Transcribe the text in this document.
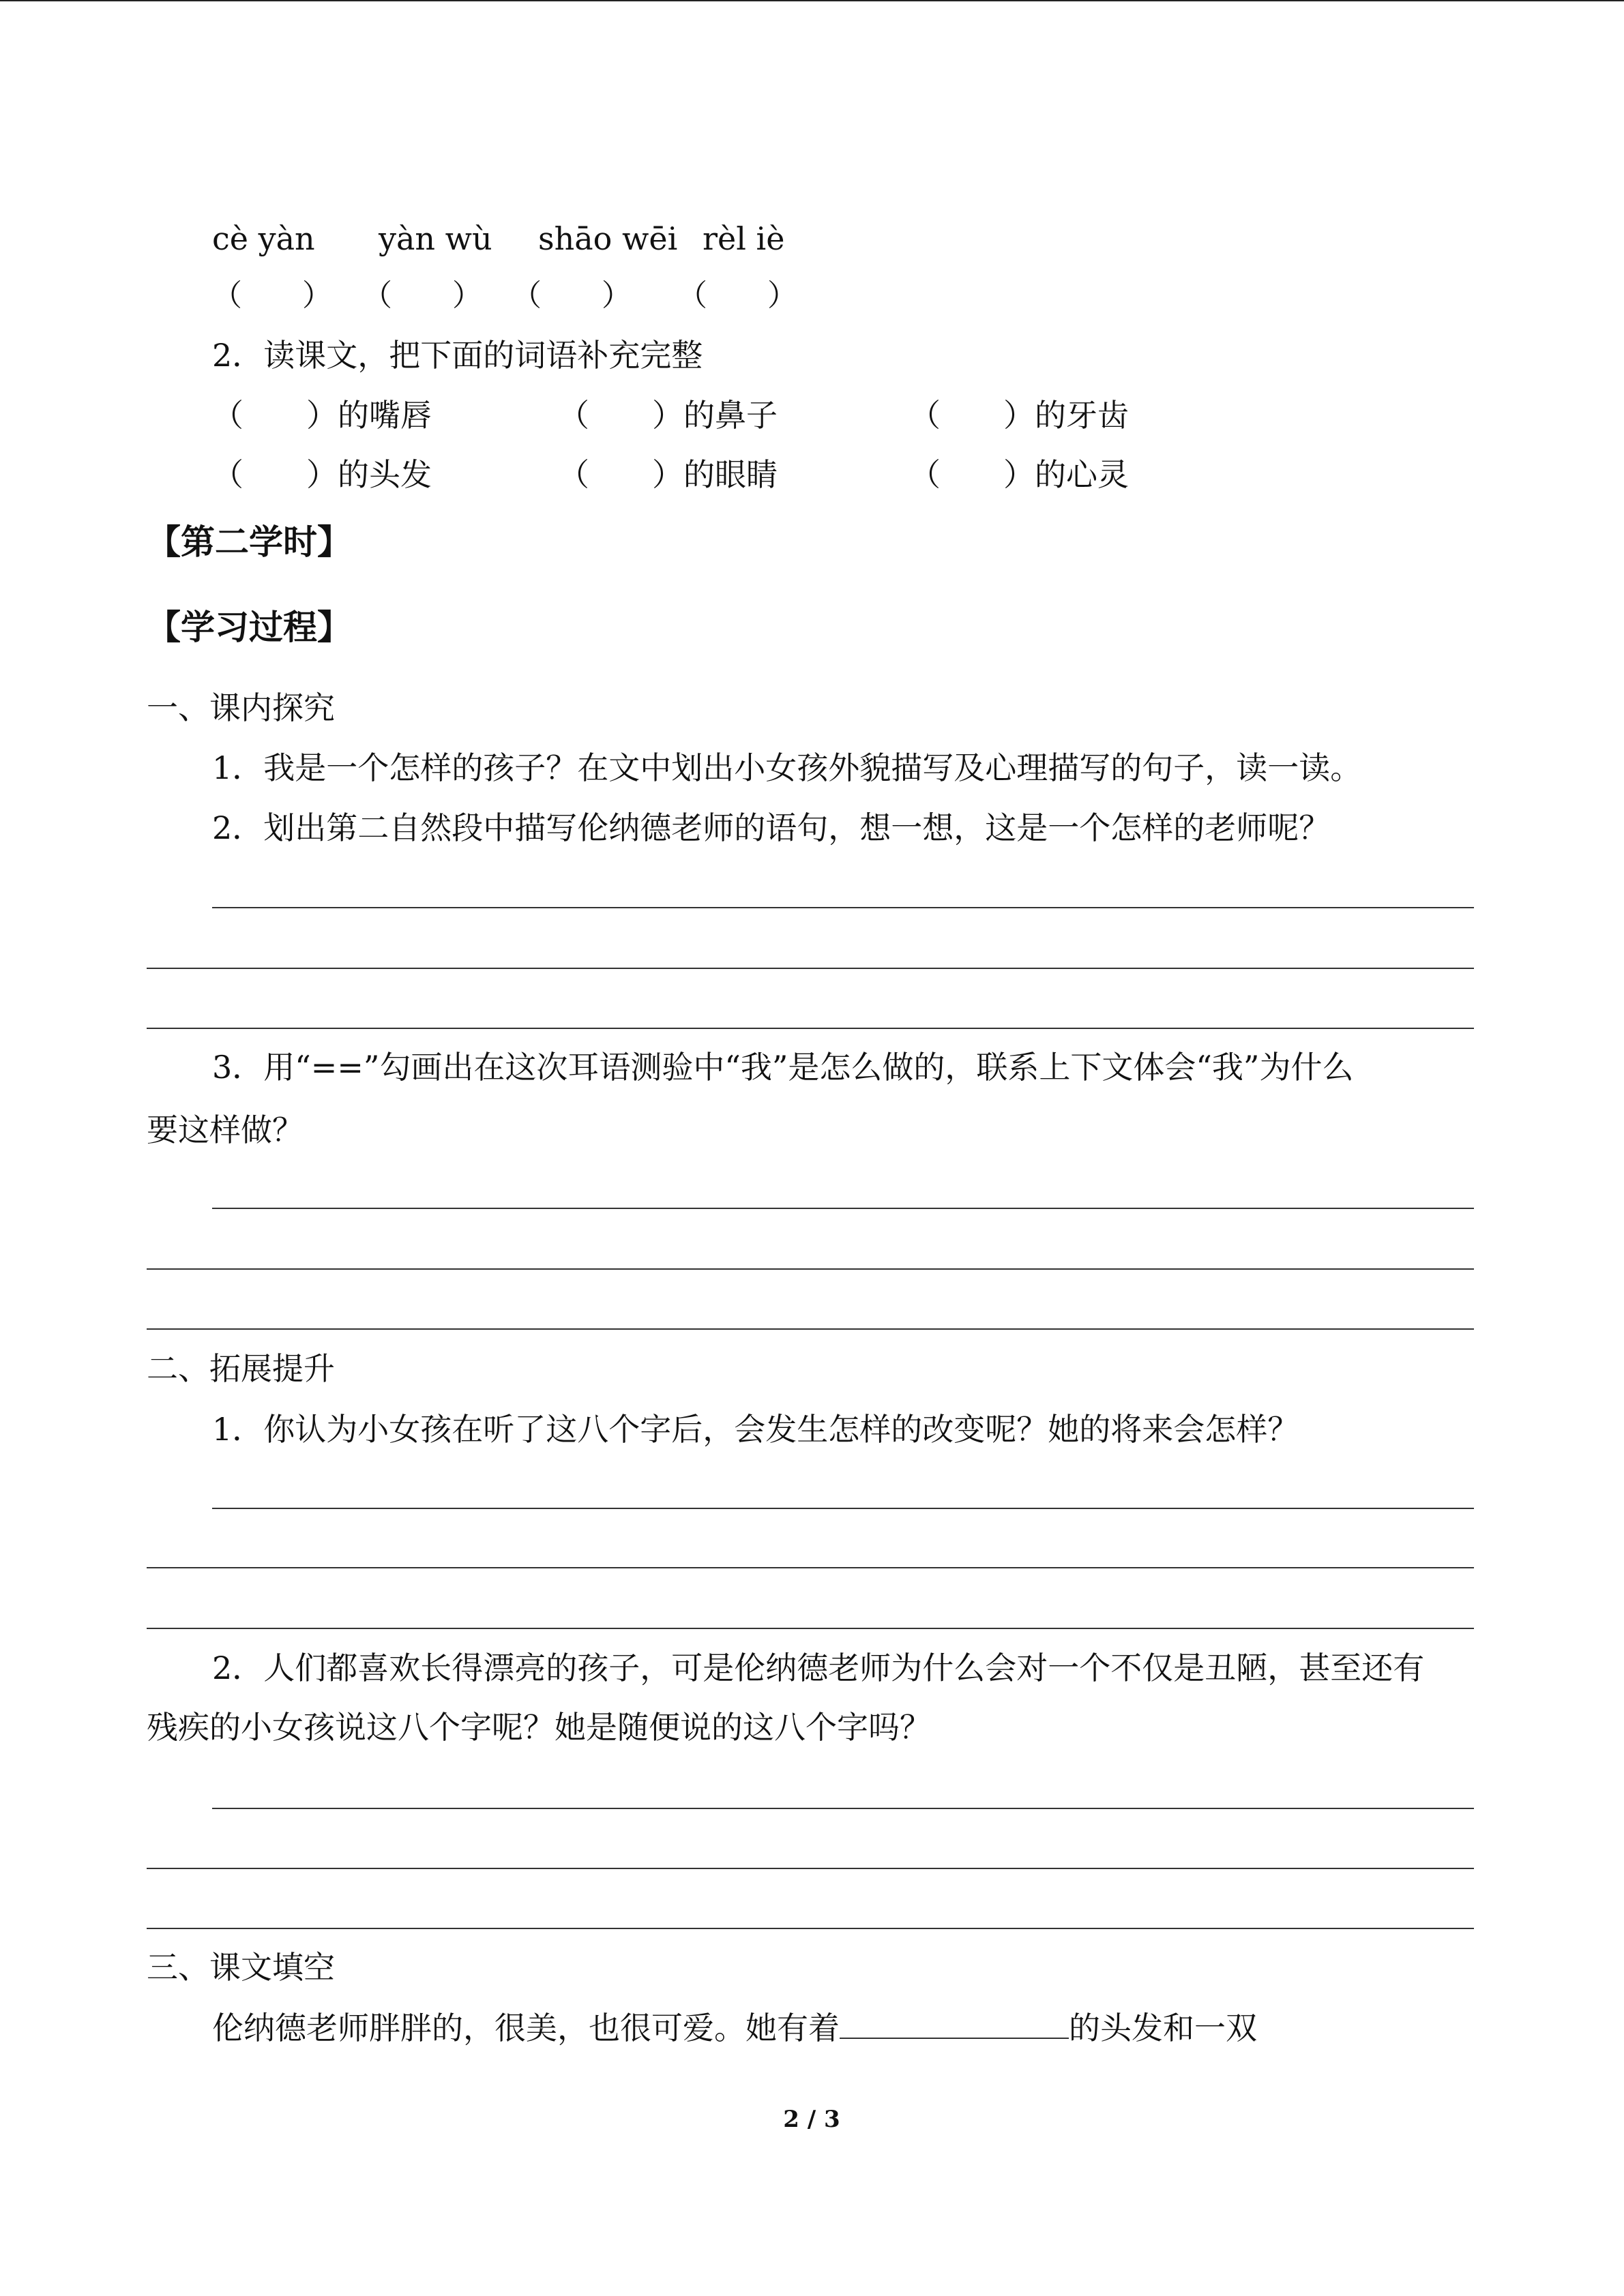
cè yàn yàn wù shāo wēi rèl iè
（　　） （　　） （　　） （　　）
2．读课文，把下面的词语补充完整
（　　）的嘴唇	（　　）的鼻子	（　　）的牙齿
（　　）的头发	（　　）的眼睛	（　　）的心灵
【第二学时】
【学习过程】
一、课内探究
1．我是一个怎样的孩子？在文中划出小女孩外貌描写及心理描写的句子，读一读。
2．划出第二自然段中描写伦纳德老师的语句，想一想，这是一个怎样的老师呢？
3．用“==”勾画出在这次耳语测验中“我”是怎么做的，联系上下文体会“我”为什么
要这样做？
二、拓展提升
1．你认为小女孩在听了这八个字后，会发生怎样的改变呢？她的将来会怎样？
2．人们都喜欢长得漂亮的孩子，可是伦纳德老师为什么会对一个不仅是丑陋，甚至还有
残疾的小女孩说这八个字呢？她是随便说的这八个字吗？
三、课文填空
伦纳德老师胖胖的，很美，也很可爱。她有着	的头发和一双
2 / 3
